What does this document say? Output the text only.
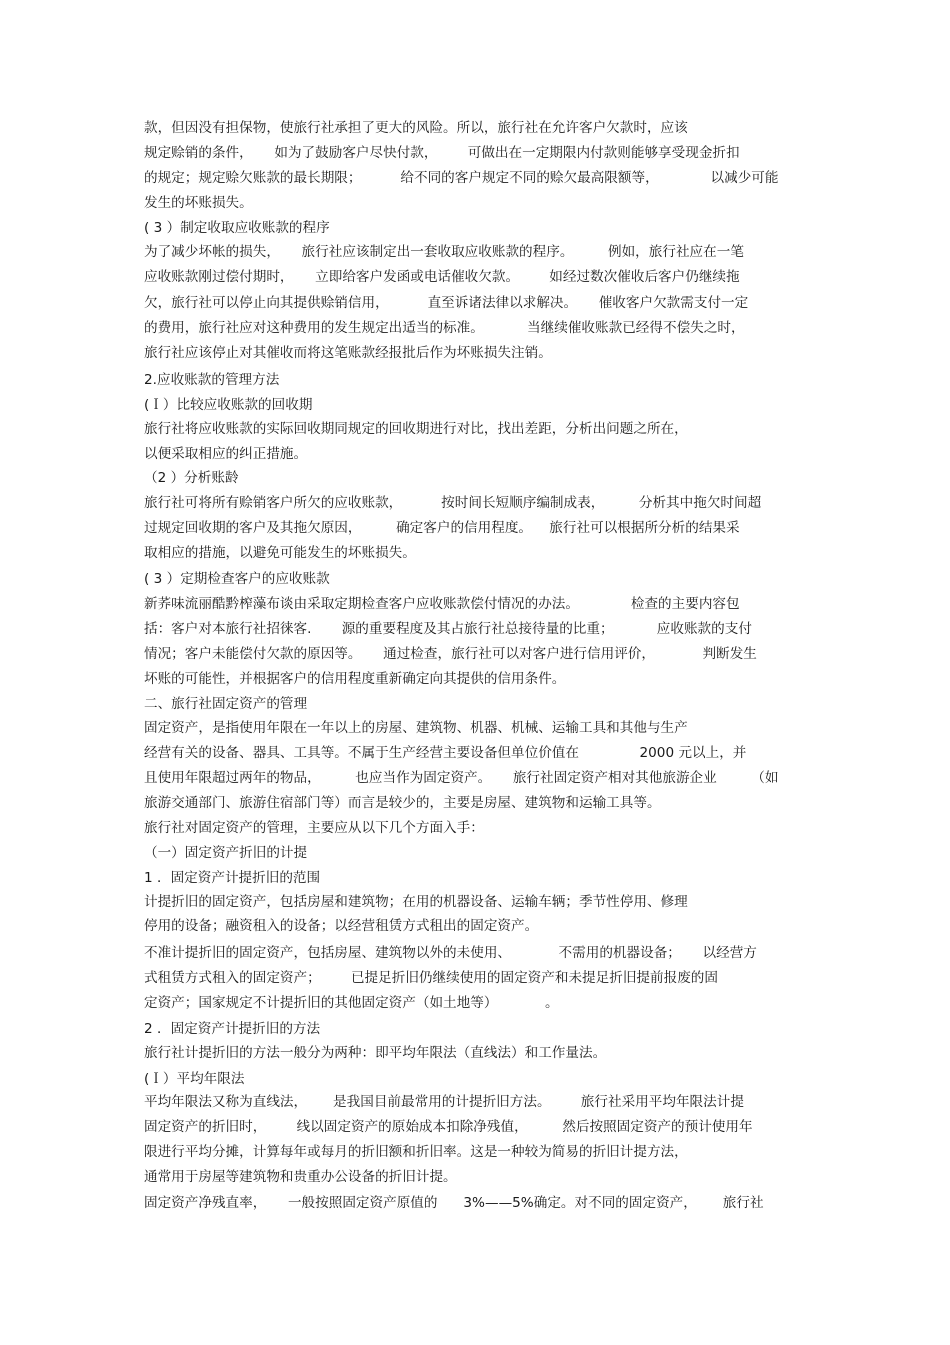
款，但因没有担保物，使旅行社承担了更大的风险。所以，旅行社在允许客户欠款时，应该
规定赊销的条件，     如为了鼓励客户尽快付款，       可做出在一定期限内付款则能够享受现金折扣
的规定；规定赊欠账款的最长期限；         给不同的客户规定不同的赊欠最高限额等，            以减少可能
发生的坏账损失。
( 3 ）制定收取应收账款的程序
为了减少坏帐的损失，     旅行社应该制定出一套收取应收账款的程序。        例如，旅行社应在一笔
应收账款刚过偿付期时，     立即给客户发函或电话催收欠款。       如经过数次催收后客户仍继续拖
欠，旅行社可以停止向其提供赊销信用，         直至诉诸法律以求解决。     催收客户欠款需支付一定
的费用，旅行社应对这种费用的发生规定出适当的标准。          当继续催收账款已经得不偿失之时，
旅行社应该停止对其催收而将这笔账款经报批后作为坏账损失注销。
2.应收账款的管理方法
(Ｉ）比较应收账款的回收期
旅行社将应收账款的实际回收期同规定的回收期进行对比，找出差距，分析出问题之所在，
以便采取相应的纠正措施。
（2 ）分析账龄
旅行社可将所有赊销客户所欠的应收账款，         按时间长短顺序编制成表，        分析其中拖欠时间超
过规定回收期的客户及其拖欠原因，        确定客户的信用程度。    旅行社可以根据所分析的结果采
取相应的措施，以避免可能发生的坏账损失。
( 3 ）定期检查客户的应收账款
新荞味流丽酷黔榨藻布谈由采取定期检查客户应收账款偿付情况的办法。            检查的主要内容包
括：客户对本旅行社招徕客.       源的重要程度及其占旅行社总接待量的比重；          应收账款的支付
情况；客户未能偿付欠款的原因等。     通过检查，旅行社可以对客户进行信用评价，           判断发生
坏账的可能性，并根据客户的信用程度重新确定向其提供的信用条件。
二、旅行社固定资产的管理
固定资产，是指使用年限在一年以上的房屋、建筑物、机器、机械、运输工具和其他与生产
经营有关的设备、器具、工具等。不属于生产经营主要设备但单位价值在              2000 元以上，并
且使用年限超过两年的物品，        也应当作为固定资产。     旅行社固定资产相对其他旅游企业        （如
旅游交通部门、旅游住宿部门等）而言是较少的，主要是房屋、建筑物和运输工具等。
旅行社对固定资产的管理，主要应从以下几个方面入手：
（一）固定资产折旧的计提
1 ．固定资产计提折旧的范围
计提折旧的固定资产，包括房屋和建筑物；在用的机器设备、运输车辆；季节性停用、修理
停用的设备；融资租入的设备；以经营租赁方式租出的固定资产。
不准计提折旧的固定资产，包括房屋、建筑物以外的未使用、           不需用的机器设备；     以经营方
式租赁方式租入的固定资产；       已提足折旧仍继续使用的固定资产和未提足折旧提前报废的固
定资产；国家规定不计提折旧的其他固定资产（如土地等）           。
2 ．固定资产计提折旧的方法
旅行社计提折旧的方法一般分为两种：即平均年限法（直线法）和工作量法。
(Ｉ）平均年限法
平均年限法又称为直线法，      是我国目前最常用的计提折旧方法。       旅行社采用平均年限法计提
固定资产的折旧时，       线以固定资产的原始成本扣除净残值，        然后按照固定资产的预计使用年
限进行平均分摊，计算每年或每月的折旧额和折旧率。这是一种较为简易的折旧计提方法，
通常用于房屋等建筑物和贵重办公设备的折旧计提。
固定资产净残直率，     一般按照固定资产原值的      3%——5%确定。对不同的固定资产，      旅行社
